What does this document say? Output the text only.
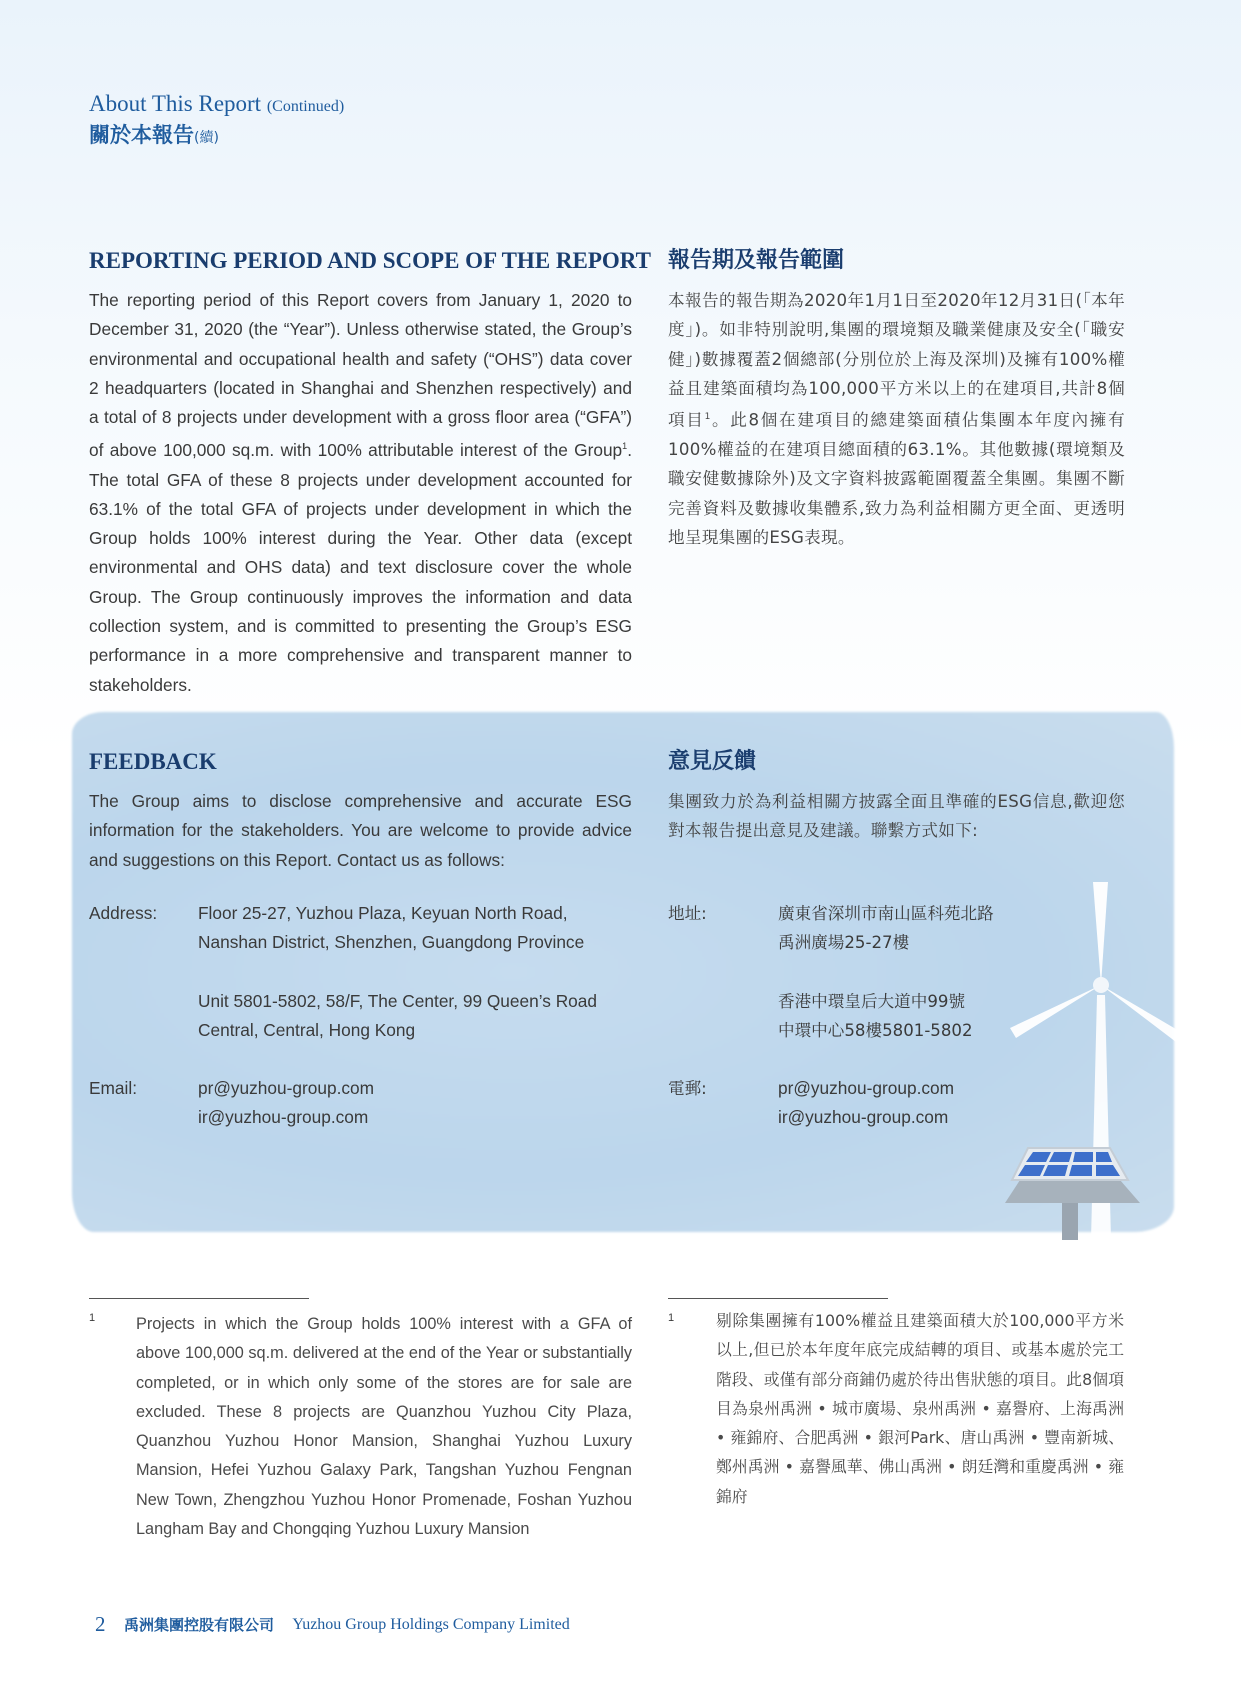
About This Report (Continued)
關於本報告(續)
REPORTING PERIOD AND SCOPE OF THE REPORT

The reporting period of this Report covers from January 1, 2020 to December 31, 2020 (the “Year”). Unless otherwise stated, the Group’s environmental and occupational health and safety (“OHS”) data cover 2 headquarters (located in Shanghai and Shenzhen respectively) and a total of 8 projects under development with a gross floor area (“GFA”) of above 100,000 sq.m. with 100% attributable interest of the Group$^1$. The total GFA of these 8 projects under development accounted for 63.1% of the total GFA of projects under development in which the Group holds 100% interest during the Year. Other data (except environmental and OHS data) and text disclosure cover the whole Group. The Group continuously improves the information and data collection system, and is committed to presenting the Group’s ESG performance in a more comprehensive and transparent manner to stakeholders.

報告期及報告範圍

本報告的報告期為2020年1月1日至2020年12月31日(「本年度」)。如非特別說明,集團的環境類及職業健康及安全(「職安健」)數據覆蓋2個總部(分別位於上海及深圳)及擁有100%權益且建築面積均為100,000平方米以上的在建項目,共計8個項目$^1$。此8個在建項目的總建築面積佔集團本年度內擁有100%權益的在建項目總面積的63.1%。其他數據(環境類及職安健數據除外)及文字資料披露範圍覆蓋全集團。集團不斷完善資料及數據收集體系,致力為利益相關方更全面、更透明地呈現集團的ESG表現。

FEEDBACK

The Group aims to disclose comprehensive and accurate ESG information for the stakeholders. You are welcome to provide advice and suggestions on this Report. Contact us as follows:

意見反饋

集團致力於為利益相關方披露全面且準確的ESG信息,歡迎您對本報告提出意見及建議。聯繫方式如下:

Address: Floor 25-27, Yuzhou Plaza, Keyuan North Road,
Nanshan District, Shenzhen, Guangdong Province
Unit 5801-5802, 58/F, The Center, 99 Queen’s Road
Central, Central, Hong Kong
Email:	pr@yuzhou-group.com
ir@yuzhou-group.com
地址:	廣東省深圳市南山區科苑北路
禹洲廣場25-27樓
香港中環皇后大道中99號
中環中心58樓5801-5802
電郵:	pr@yuzhou-group.com
ir@yuzhou-group.com
1	1
Projects in which the Group holds 100% interest with a GFA of above 100,000 sq.m. delivered at the end of the Year or substantially completed, or in which only some of the stores are for sale are excluded. These 8 projects are Quanzhou Yuzhou City Plaza, Quanzhou Yuzhou Honor Mansion, Shanghai Yuzhou Luxury Mansion, Hefei Yuzhou Galaxy Park, Tangshan Yuzhou Fengnan New Town, Zhengzhou Yuzhou Honor Promenade, Foshan Yuzhou Langham Bay and Chongqing Yuzhou Luxury Mansion
剔除集團擁有100%權益且建築面積大於100,000平方米以上,但已於本年度年底完成結轉的項目、或基本處於完工階段、或僅有部分商鋪仍處於待出售狀態的項目。此8個項目為泉州禹洲 • 城市廣場、泉州禹洲 • 嘉譽府、上海禹洲 • 雍錦府、合肥禹洲 • 銀河Park、唐山禹洲 • 豐南新城、鄭州禹洲 • 嘉譽風華、佛山禹洲 • 朗廷灣和重慶禹洲 • 雍錦府
2 禹洲集團控股有限公司 Yuzhou Group Holdings Company Limited
